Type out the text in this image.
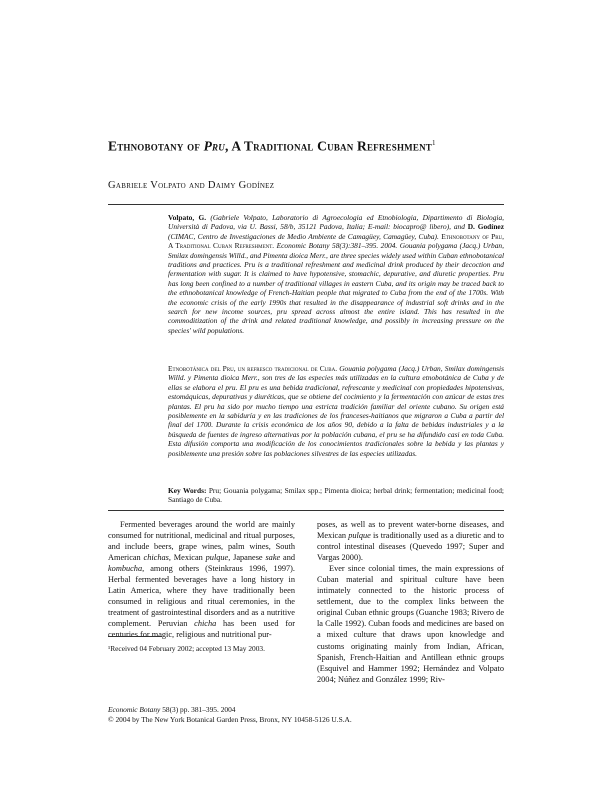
Ethnobotany of Pru, A Traditional Cuban Refreshment$^1$
Gabriele Volpato and Daimy Godínez
Volpato, G. (Gabriele Volpato, Laboratorio di Agroecologia ed Etnobiologia, Dipartimento di Biologia, Università di Padova, via U. Bassi, 58/b, 35121 Padova, Italia; E-mail: biocapro@ libero), and D. Godínez (CIMAC, Centro de Investigaciones de Medio Ambiente de Camagüey, Camagüey, Cuba). Ethnobotany of Pru, A Traditional Cuban Refreshment. Economic Botany 58(3):381–395. 2004. Gouania polygama (Jacq.) Urban, Smilax domingensis Willd., and Pimenta dioica Merr., are three species widely used within Cuban ethnobotanical traditions and practices. Pru is a traditional refreshment and medicinal drink produced by their decoction and fermentation with sugar. It is claimed to have hypotensive, stomachic, depurative, and diuretic properties. Pru has long been confined to a number of traditional villages in eastern Cuba, and its origin may be traced back to the ethnobotanical knowledge of French-Haitian people that migrated to Cuba from the end of the 1700s. With the economic crisis of the early 1990s that resulted in the disappearance of industrial soft drinks and in the search for new income sources, pru spread across almost the entire island. This has resulted in the commoditization of the drink and related traditional knowledge, and possibly in increasing pressure on the species' wild populations.
Etnobotánica del Pru, un refresco tradicional de Cuba. Gouania polygama (Jacq.) Urban, Smilax domingensis Willd. y Pimenta dioica Merr., son tres de las especies más utilizadas en la cultura etnobotánica de Cuba y de ellas se elabora el pru. El pru es una bebida tradicional, refrescante y medicinal con propiedades hipotensivas, estomáquicas, depurativas y diuréticas, que se obtiene del cocimiento y la fermentación con azúcar de estas tres plantas. El pru ha sido por mucho tiempo una estricta tradición familiar del oriente cubano. Su origen está posiblemente en la sabiduría y en las tradiciones de los franceses-haitianos que migraron a Cuba a partir del final del 1700. Durante la crisis económica de los años 90, debido a la falta de bebidas industriales y a la búsqueda de fuentes de ingreso alternativas por la población cubana, el pru se ha difundido casi en toda Cuba. Esta difusión comporta una modificación de los conocimientos tradicionales sobre la bebida y las plantas y posiblemente una presión sobre las poblaciones silvestres de las especies utilizadas.
Key Words: Pru; Gouania polygama; Smilax spp.; Pimenta dioica; herbal drink; fermentation; medicinal food; Santiago de Cuba.

Fermented beverages around the world are mainly consumed for nutritional, medicinal and ritual purposes, and include beers, grape wines, palm wines, South American chichas, Mexican pulque, Japanese sake and kombucha, among others (Steinkraus 1996, 1997). Herbal fermented beverages have a long history in Latin America, where they have traditionally been consumed in religious and ritual ceremonies, in the treatment of gastrointestinal disorders and as a nutritive complement. Peruvian chicha has been used for centuries for magic, religious and nutritional pur-

poses, as well as to prevent water-borne diseases, and Mexican pulque is traditionally used as a diuretic and to control intestinal diseases (Quevedo 1997; Super and Vargas 2000).

Ever since colonial times, the main expressions of Cuban material and spiritual culture have been intimately connected to the historic process of settlement, due to the complex links between the original Cuban ethnic groups (Guanche 1983; Rivero de la Calle 1992). Cuban foods and medicines are based on a mixed culture that draws upon knowledge and customs originating mainly from Indian, African, Spanish, French-Haitian and Antillean ethnic groups (Esquivel and Hammer 1992; Hernández and Volpato 2004; Núñez and González 1999; Riv-

¹Received 04 February 2002; accepted 13 May 2003.
Economic Botany 58(3) pp. 381–395. 2004
© 2004 by The New York Botanical Garden Press, Bronx, NY 10458-5126 U.S.A.
